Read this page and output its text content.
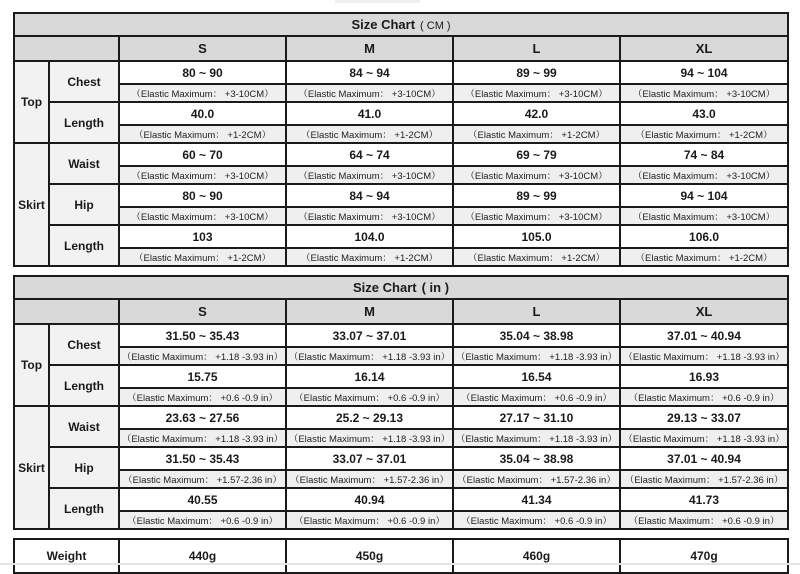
Size Chart ( CM )					
		S	M	L	XL
Top	Chest	80 ~ 90	84 ~ 94	89 ~ 99	94 ~ 104
		（Elastic Maximum： +3-10CM）	（Elastic Maximum： +3-10CM）	（Elastic Maximum： +3-10CM）	（Elastic Maximum： +3-10CM）
	Length	40.0	41.0	42.0	43.0
		（Elastic Maximum： +1-2CM）	（Elastic Maximum： +1-2CM）	（Elastic Maximum： +1-2CM）	（Elastic Maximum： +1-2CM）
Skirt	Waist	60 ~ 70	64 ~ 74	69 ~ 79	74 ~ 84
		（Elastic Maximum： +3-10CM）	（Elastic Maximum： +3-10CM）	（Elastic Maximum： +3-10CM）	（Elastic Maximum： +3-10CM）
	Hip	80 ~ 90	84 ~ 94	89 ~ 99	94 ~ 104
		（Elastic Maximum： +3-10CM）	（Elastic Maximum： +3-10CM）	（Elastic Maximum： +3-10CM）	（Elastic Maximum： +3-10CM）
	Length	103	104.0	105.0	106.0
		（Elastic Maximum： +1-2CM）	（Elastic Maximum： +1-2CM）	（Elastic Maximum： +1-2CM）	（Elastic Maximum： +1-2CM）
Size Chart ( in )					
		S	M	L	XL
Top	Chest	31.50 ~ 35.43	33.07 ~ 37.01	35.04 ~ 38.98	37.01 ~ 40.94
		（Elastic Maximum： +1.18 -3.93 in）	（Elastic Maximum： +1.18 -3.93 in）	（Elastic Maximum： +1.18 -3.93 in）	（Elastic Maximum： +1.18 -3.93 in）
	Length	15.75	16.14	16.54	16.93
		（Elastic Maximum： +0.6 -0.9 in）	（Elastic Maximum： +0.6 -0.9 in）	（Elastic Maximum： +0.6 -0.9 in）	（Elastic Maximum： +0.6 -0.9 in）
Skirt	Waist	23.63 ~ 27.56	25.2 ~ 29.13	27.17 ~ 31.10	29.13 ~ 33.07
		（Elastic Maximum： +1.18 -3.93 in）	（Elastic Maximum： +1.18 -3.93 in）	（Elastic Maximum： +1.18 -3.93 in）	（Elastic Maximum： +1.18 -3.93 in）
	Hip	31.50 ~ 35.43	33.07 ~ 37.01	35.04 ~ 38.98	37.01 ~ 40.94
		（Elastic Maximum： +1.57-2.36 in）	（Elastic Maximum： +1.57-2.36 in）	（Elastic Maximum： +1.57-2.36 in）	（Elastic Maximum： +1.57-2.36 in）
	Length	40.55	40.94	41.34	41.73
		（Elastic Maximum： +0.6 -0.9 in）	（Elastic Maximum： +0.6 -0.9 in）	（Elastic Maximum： +0.6 -0.9 in）	（Elastic Maximum： +0.6 -0.9 in）
Weight	440g	450g	460g	470g
